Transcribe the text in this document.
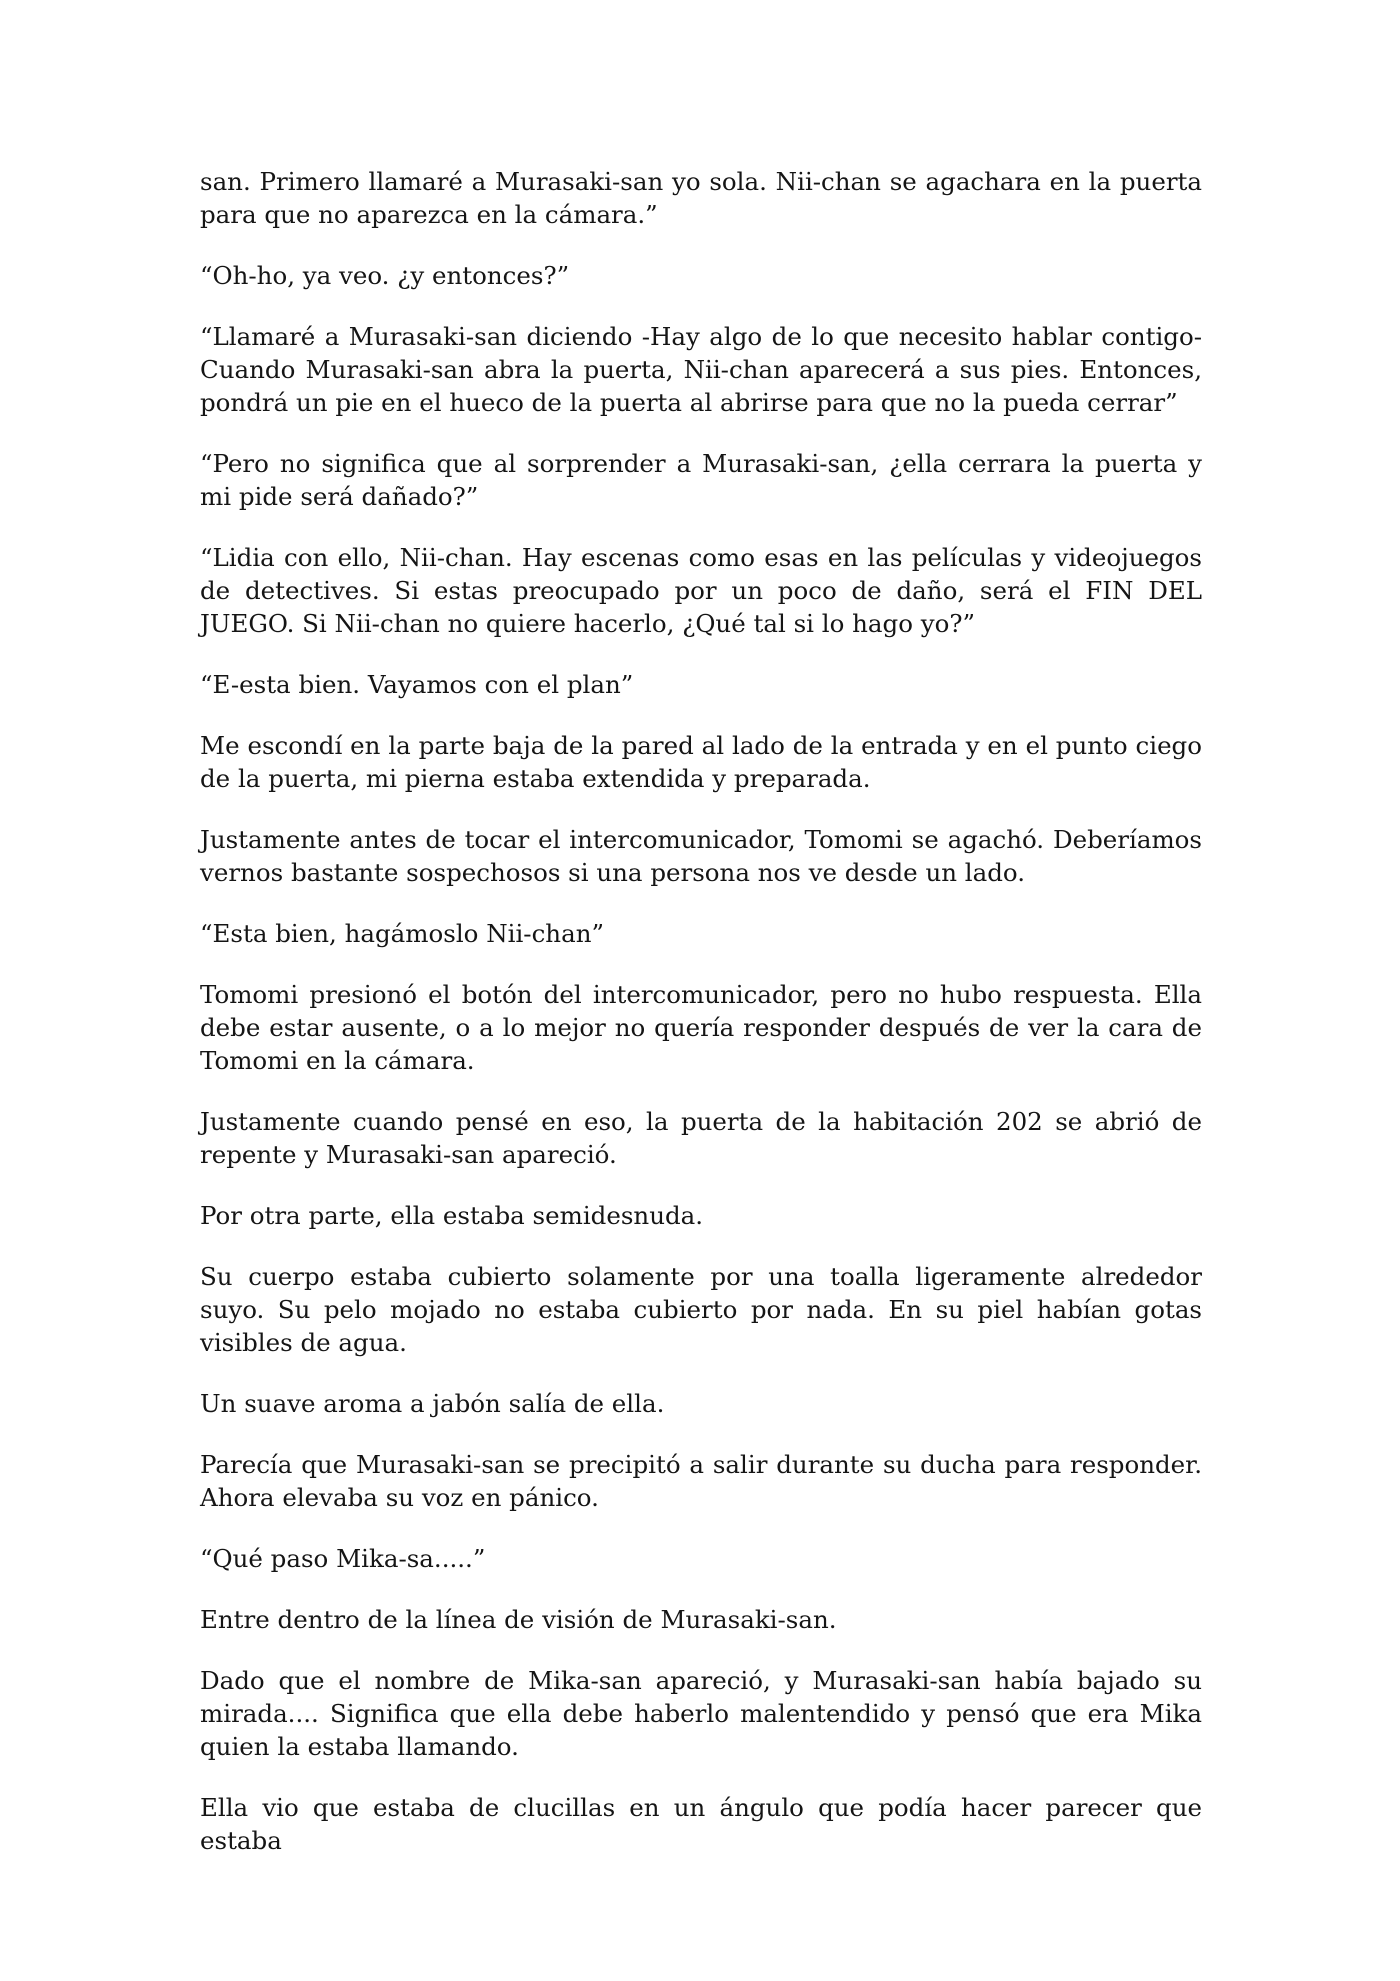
san. Primero llamaré a Murasaki-san yo sola. Nii-chan se agachara en la puerta para que no aparezca en la cámara.”

“Oh-ho, ya veo. ¿y entonces?”

“Llamaré a Murasaki-san diciendo -Hay algo de lo que necesito hablar contigo- Cuando Murasaki-san abra la puerta, Nii-chan aparecerá a sus pies. Entonces, pondrá un pie en el hueco de la puerta al abrirse para que no la pueda cerrar”

“Pero no significa que al sorprender a Murasaki-san, ¿ella cerrara la puerta y mi pide será dañado?”

“Lidia con ello, Nii-chan. Hay escenas como esas en las películas y videojuegos de detectives. Si estas preocupado por un poco de daño, será el FIN DEL JUEGO. Si Nii-chan no quiere hacerlo, ¿Qué tal si lo hago yo?”

“E-esta bien. Vayamos con el plan”

Me escondí en la parte baja de la pared al lado de la entrada y en el punto ciego de la puerta, mi pierna estaba extendida y preparada.

Justamente antes de tocar el intercomunicador, Tomomi se agachó. Deberíamos vernos bastante sospechosos si una persona nos ve desde un lado.

“Esta bien, hagámoslo Nii-chan”

Tomomi presionó el botón del intercomunicador, pero no hubo respuesta. Ella debe estar ausente, o a lo mejor no quería responder después de ver la cara de Tomomi en la cámara.

Justamente cuando pensé en eso, la puerta de la habitación 202 se abrió de repente y Murasaki-san apareció.

Por otra parte, ella estaba semidesnuda.

Su cuerpo estaba cubierto solamente por una toalla ligeramente alrededor suyo. Su pelo mojado no estaba cubierto por nada. En su piel habían gotas visibles de agua.

Un suave aroma a jabón salía de ella.

Parecía que Murasaki-san se precipitó a salir durante su ducha para responder. Ahora elevaba su voz en pánico.

“Qué paso Mika-sa.....”

Entre dentro de la línea de visión de Murasaki-san.

Dado que el nombre de Mika-san apareció, y Murasaki-san había bajado su mirada.... Significa que ella debe haberlo malentendido y pensó que era Mika quien la estaba llamando.

Ella vio que estaba de clucillas en un ángulo que podía hacer parecer que estaba
